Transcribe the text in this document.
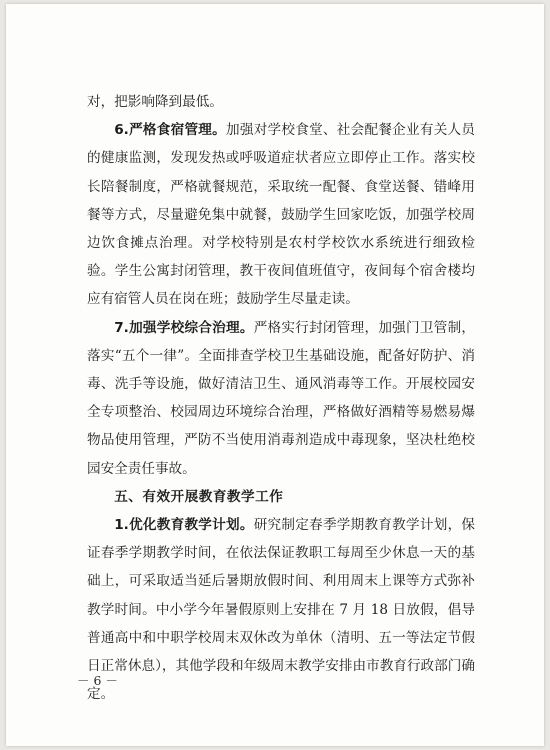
对，把影响降到最低。

6.严格食宿管理。加强对学校食堂、社会配餐企业有关人员的健康监测，发现发热或呼吸道症状者应立即停止工作。落实校长陪餐制度，严格就餐规范，采取统一配餐、食堂送餐、错峰用餐等方式，尽量避免集中就餐，鼓励学生回家吃饭，加强学校周边饮食摊点治理。对学校特别是农村学校饮水系统进行细致检验。学生公寓封闭管理，教干夜间值班值守，夜间每个宿舍楼均应有宿管人员在岗在班；鼓励学生尽量走读。

7.加强学校综合治理。严格实行封闭管理，加强门卫管制，落实“五个一律”。全面排查学校卫生基础设施，配备好防护、消毒、洗手等设施，做好清洁卫生、通风消毒等工作。开展校园安全专项整治、校园周边环境综合治理，严格做好酒精等易燃易爆物品使用管理，严防不当使用消毒剂造成中毒现象，坚决杜绝校园安全责任事故。

五、有效开展教育教学工作

1.优化教育教学计划。研究制定春季学期教育教学计划，保证春季学期教学时间，在依法保证教职工每周至少休息一天的基础上，可采取适当延后暑期放假时间、利用周末上课等方式弥补教学时间。中小学今年暑假原则上安排在 7 月 18 日放假，倡导普通高中和中职学校周末双休改为单休（清明、五一等法定节假日正常休息），其他学段和年级周末教学安排由市教育行政部门确定。

－ 6 －
